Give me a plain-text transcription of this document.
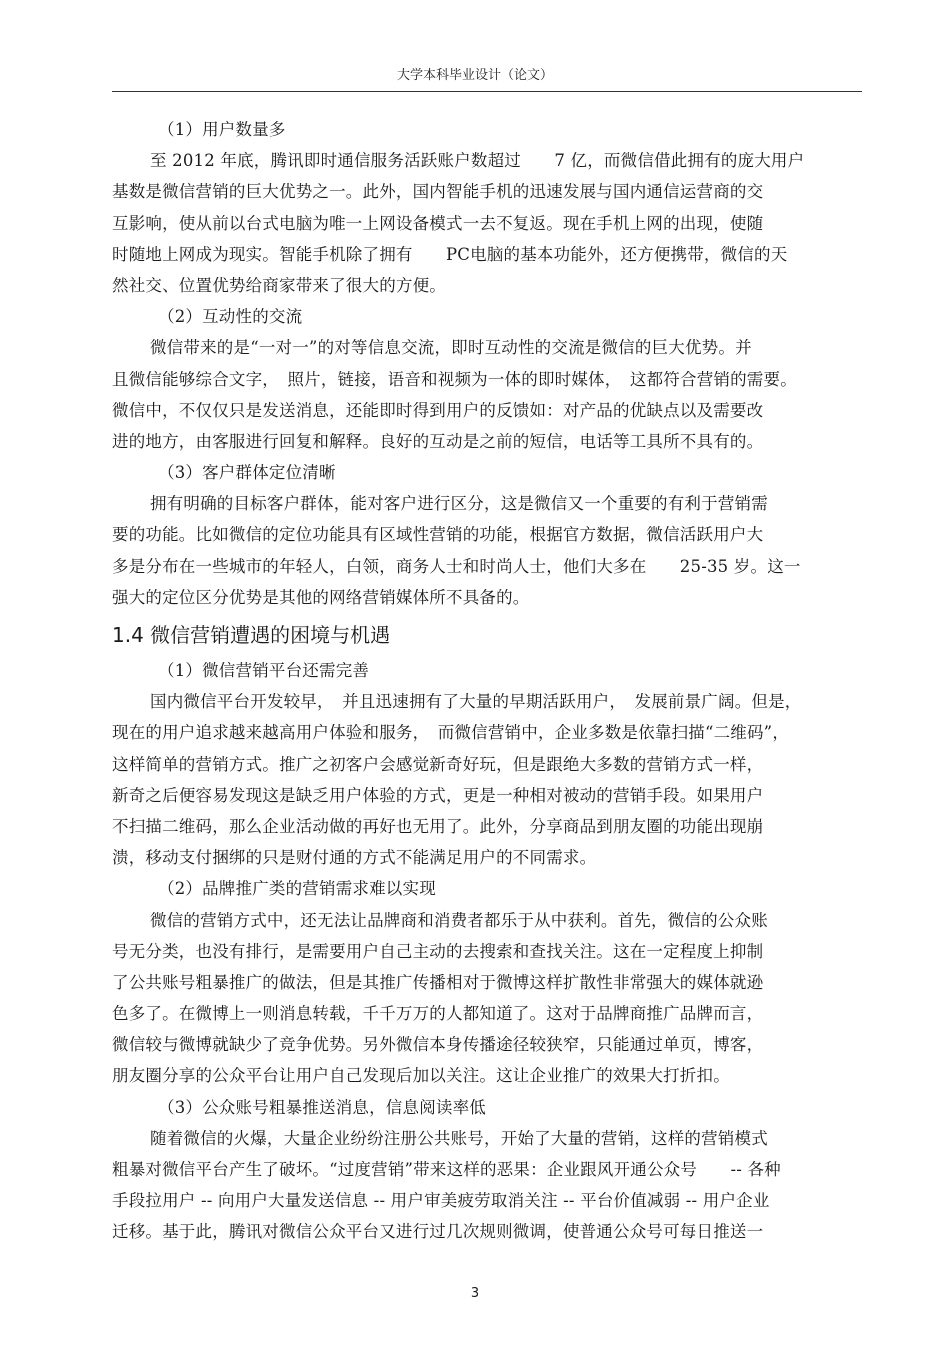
大学本科毕业设计（论文）
（1）用户数量多
至 2012 年底，腾讯即时通信服务活跃账户数超过　　7 亿，而微信借此拥有的庞大用户
基数是微信营销的巨大优势之一。此外，国内智能手机的迅速发展与国内通信运营商的交
互影响，使从前以台式电脑为唯一上网设备模式一去不复返。现在手机上网的出现，使随
时随地上网成为现实。智能手机除了拥有　　PC电脑的基本功能外，还方便携带，微信的天
然社交、位置优势给商家带来了很大的方便。
（2）互动性的交流
微信带来的是“一对一”的对等信息交流，即时互动性的交流是微信的巨大优势。并
且微信能够综合文字，　照片，链接，语音和视频为一体的即时媒体，　这都符合营销的需要。
微信中，不仅仅只是发送消息，还能即时得到用户的反馈如：对产品的优缺点以及需要改
进的地方，由客服进行回复和解释。良好的互动是之前的短信，电话等工具所不具有的。
（3）客户群体定位清晰
拥有明确的目标客户群体，能对客户进行区分，这是微信又一个重要的有利于营销需
要的功能。比如微信的定位功能具有区域性营销的功能，根据官方数据，微信活跃用户大
多是分布在一些城市的年轻人，白领，商务人士和时尚人士，他们大多在　　25-35 岁。这一
强大的定位区分优势是其他的网络营销媒体所不具备的。
1.4 微信营销遭遇的困境与机遇
（1）微信营销平台还需完善
国内微信平台开发较早，　并且迅速拥有了大量的早期活跃用户，　发展前景广阔。但是，
现在的用户追求越来越高用户体验和服务，　而微信营销中，企业多数是依靠扫描“二维码”，
这样简单的营销方式。推广之初客户会感觉新奇好玩，但是跟绝大多数的营销方式一样，
新奇之后便容易发现这是缺乏用户体验的方式，更是一种相对被动的营销手段。如果用户
不扫描二维码，那么企业活动做的再好也无用了。此外，分享商品到朋友圈的功能出现崩
溃，移动支付捆绑的只是财付通的方式不能满足用户的不同需求。
（2）品牌推广类的营销需求难以实现
微信的营销方式中，还无法让品牌商和消费者都乐于从中获利。首先，微信的公众账
号无分类，也没有排行，是需要用户自己主动的去搜索和查找关注。这在一定程度上抑制
了公共账号粗暴推广的做法，但是其推广传播相对于微博这样扩散性非常强大的媒体就逊
色多了。在微博上一则消息转载，千千万万的人都知道了。这对于品牌商推广品牌而言，
微信较与微博就缺少了竞争优势。另外微信本身传播途径较狭窄，只能通过单页，博客，
朋友圈分享的公众平台让用户自己发现后加以关注。这让企业推广的效果大打折扣。
（3）公众账号粗暴推送消息，信息阅读率低
随着微信的火爆，大量企业纷纷注册公共账号，开始了大量的营销，这样的营销模式
粗暴对微信平台产生了破坏。“过度营销”带来这样的恶果：企业跟风开通公众号　　-- 各种
手段拉用户 -- 向用户大量发送信息 -- 用户审美疲劳取消关注 -- 平台价值减弱 -- 用户企业
迁移。基于此，腾讯对微信公众平台又进行过几次规则微调，使普通公众号可每日推送一
3
